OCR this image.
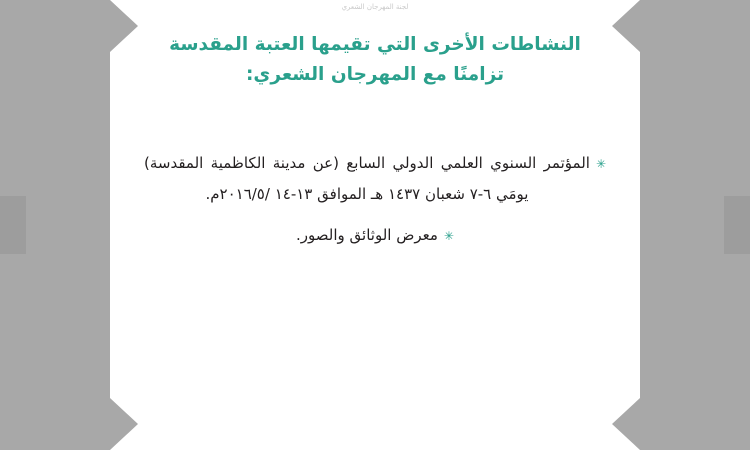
لجنة المهرجان الشعري
النشاطات الأخرى التي تقيمها العتبة المقدسة
تزامنًا مع المهرجان الشعري:
✳
المؤتمر السنوي العلمي الدولي السابع (عن مدينة الكاظمية المقدسة) يومَي ٦-٧ شعبان ١٤٣٧ هـ الموافق ١٣-١٤ /٢٠١٦/٥م.
✳
معرض الوثائق والصور.
